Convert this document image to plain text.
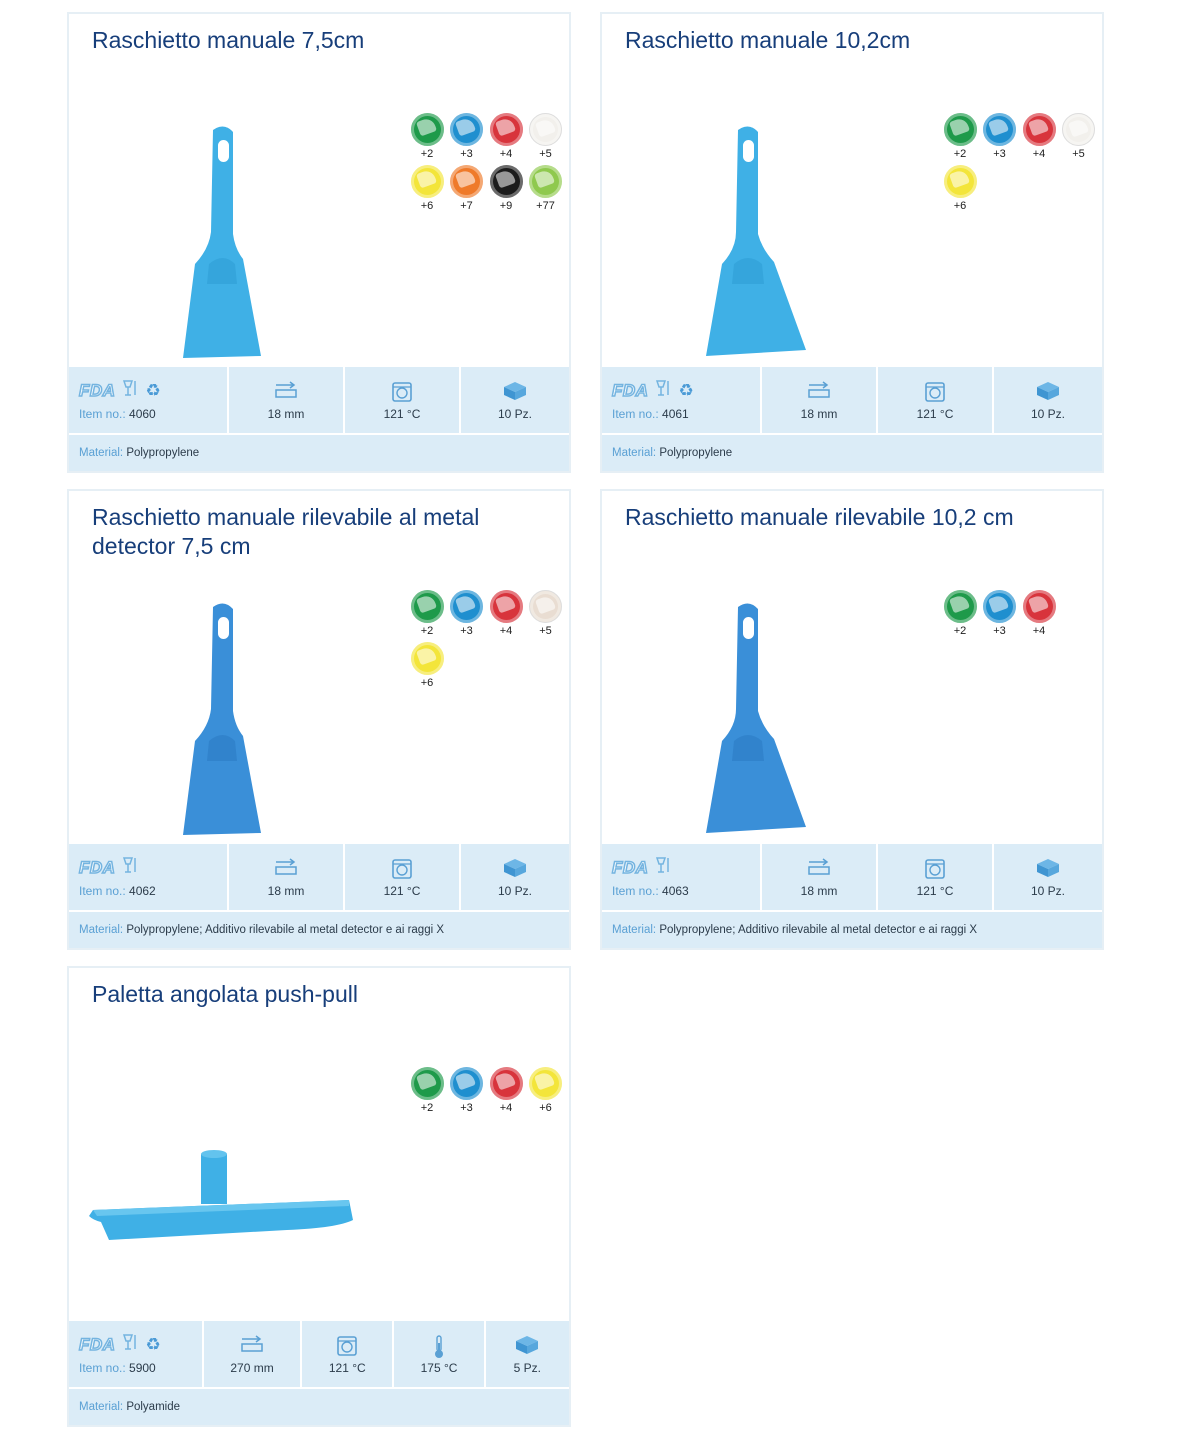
Raschietto manuale 7,5cm
+2	+3	+4	+5
+6	+7	+9	+77
FDA ♻
Item no.: 4060	18 mm	121 °C	10 Pz.
Material: Polypropylene
Raschietto manuale 10,2cm
+2	+3	+4	+5
+6
FDA ♻
Item no.: 4061	18 mm	121 °C	10 Pz.
Material: Polypropylene
Raschietto manuale rilevabile al metal detector 7,5 cm
+2	+3	+4	+5
+6
FDA
Item no.: 4062	18 mm	121 °C	10 Pz.
Material: Polypropylene; Additivo rilevabile al metal detector e ai raggi X
Raschietto manuale rilevabile 10,2 cm
+2	+3	+4
FDA
Item no.: 4063	18 mm	121 °C	10 Pz.
Material: Polypropylene; Additivo rilevabile al metal detector e ai raggi X
Paletta angolata push-pull
+2	+3	+4	+6
FDA ♻
Item no.: 5900	270 mm	121 °C	175 °C	5 Pz.
Material: Polyamide
